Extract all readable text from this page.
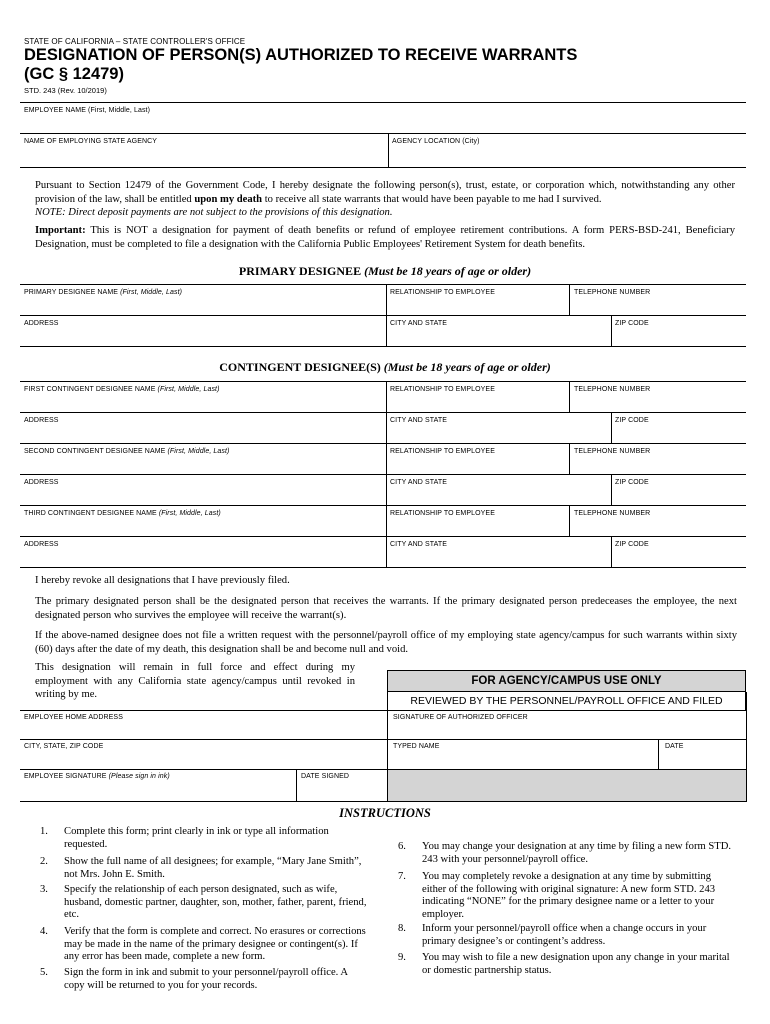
STATE OF CALIFORNIA – STATE CONTROLLER'S OFFICE
DESIGNATION OF PERSON(S) AUTHORIZED TO RECEIVE WARRANTS
(GC § 12479)
STD. 243 (Rev. 10/2019)
EMPLOYEE NAME (First, Middle, Last)
NAME OF EMPLOYING STATE AGENCY	AGENCY LOCATION (City)
Pursuant to Section 12479 of the Government Code, I hereby designate the following person(s), trust, estate, or corporation which, notwithstanding any other provision of the law, shall be entitled upon my death to receive all state warrants that would have been payable to me had I survived.
NOTE: Direct deposit payments are not subject to the provisions of this designation.
Important: This is NOT a designation for payment of death benefits or refund of employee retirement contributions. A form PERS-BSD-241, Beneficiary Designation, must be completed to file a designation with the California Public Employees' Retirement System for death benefits.
PRIMARY DESIGNEE (Must be 18 years of age or older)
PRIMARY DESIGNEE NAME (First, Middle, Last)	RELATIONSHIP TO EMPLOYEE	TELEPHONE NUMBER
ADDRESS	CITY AND STATE	ZIP CODE
CONTINGENT DESIGNEE(S) (Must be 18 years of age or older)
FIRST CONTINGENT DESIGNEE NAME (First, Middle, Last)	RELATIONSHIP TO EMPLOYEE	TELEPHONE NUMBER
ADDRESS	CITY AND STATE	ZIP CODE
SECOND CONTINGENT DESIGNEE NAME (First, Middle, Last)	RELATIONSHIP TO EMPLOYEE	TELEPHONE NUMBER
ADDRESS	CITY AND STATE	ZIP CODE
THIRD CONTINGENT DESIGNEE NAME (First, Middle, Last)	RELATIONSHIP TO EMPLOYEE	TELEPHONE NUMBER
ADDRESS	CITY AND STATE	ZIP CODE
I hereby revoke all designations that I have previously filed.
The primary designated person shall be the designated person that receives the warrants. If the primary designated person predeceases the employee, the next designated person who survives the employee will receive the warrant(s).
If the above-named designee does not file a written request with the personnel/payroll office of my employing state agency/campus for such warrants within sixty (60) days after the date of my death, this designation shall be and become null and void.
This designation will remain in full force and effect during my employment with any California state agency/campus until revoked in writing by me.
FOR AGENCY/CAMPUS USE ONLY
REVIEWED BY THE PERSONNEL/PAYROLL OFFICE AND FILED
EMPLOYEE HOME ADDRESS	SIGNATURE OF AUTHORIZED OFFICER
CITY, STATE, ZIP CODE	TYPED NAME	DATE
EMPLOYEE SIGNATURE (Please sign in ink)	DATE SIGNED
INSTRUCTIONS
1. Complete this form; print clearly in ink or type all information requested.
2. Show the full name of all designees; for example, “Mary Jane Smith”, not Mrs. John E. Smith.
3. Specify the relationship of each person designated, such as wife, husband, domestic partner, daughter, son, mother, father, parent, friend, etc.
4. Verify that the form is complete and correct. No erasures or corrections may be made in the name of the primary designee or contingent(s). If any error has been made, complete a new form.
5. Sign the form in ink and submit to your personnel/payroll office. A copy will be returned to you for your records.
6. You may change your designation at any time by filing a new form STD. 243 with your personnel/payroll office.
7. You may completely revoke a designation at any time by submitting either of the following with original signature: A new form STD. 243 indicating “NONE” for the primary designee name or a letter to your employer.
8. Inform your personnel/payroll office when a change occurs in your primary designee’s or contingent’s address.
9. You may wish to file a new designation upon any change in your marital or domestic partnership status.
